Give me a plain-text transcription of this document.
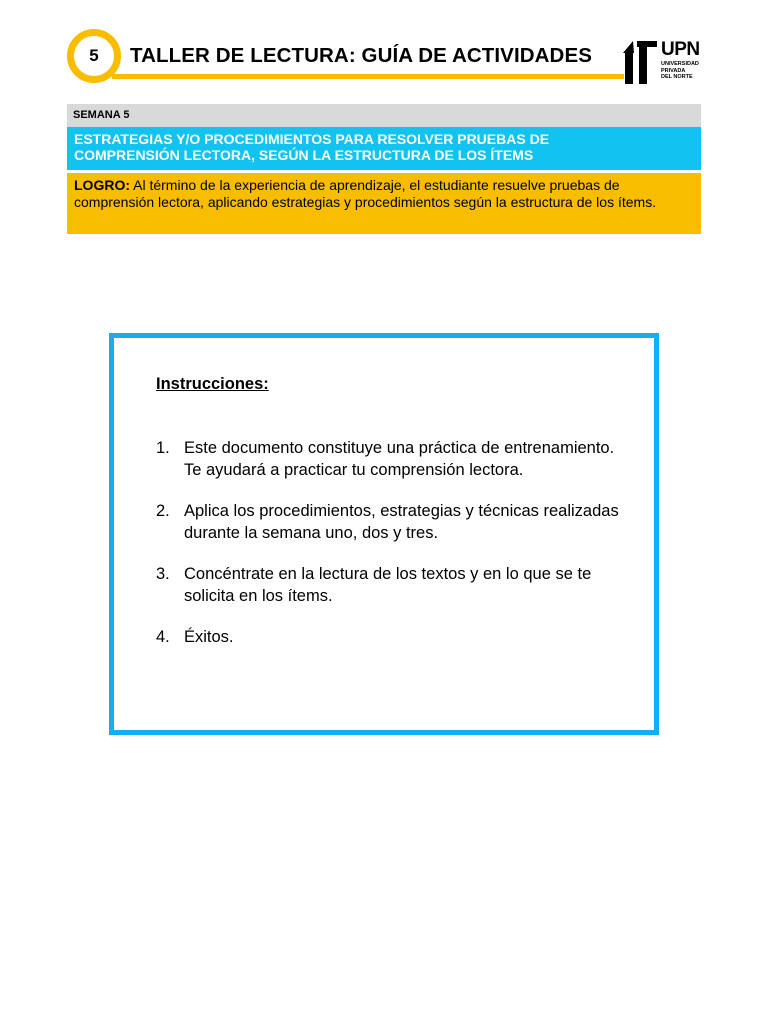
5 TALLER DE LECTURA: GUÍA DE ACTIVIDADES	UPN
UNIVERSIDAD
PRIVADA
DEL NORTE
SEMANA 5
ESTRATEGIAS Y/O PROCEDIMIENTOS PARA RESOLVER PRUEBAS DE
COMPRENSIÓN LECTORA, SEGÚN LA ESTRUCTURA DE LOS ÍTEMS
LOGRO: Al término de la experiencia de aprendizaje, el estudiante resuelve pruebas de comprensión lectora, aplicando estrategias y procedimientos según la estructura de los ítems.
Instrucciones:
1. Este documento constituye una práctica de entrenamiento. Te ayudará a practicar tu comprensión lectora.
2. Aplica los procedimientos, estrategias y técnicas realizadas durante la semana uno, dos y tres.
3. Concéntrate en la lectura de los textos y en lo que se te solicita en los ítems.
4. Éxitos.
